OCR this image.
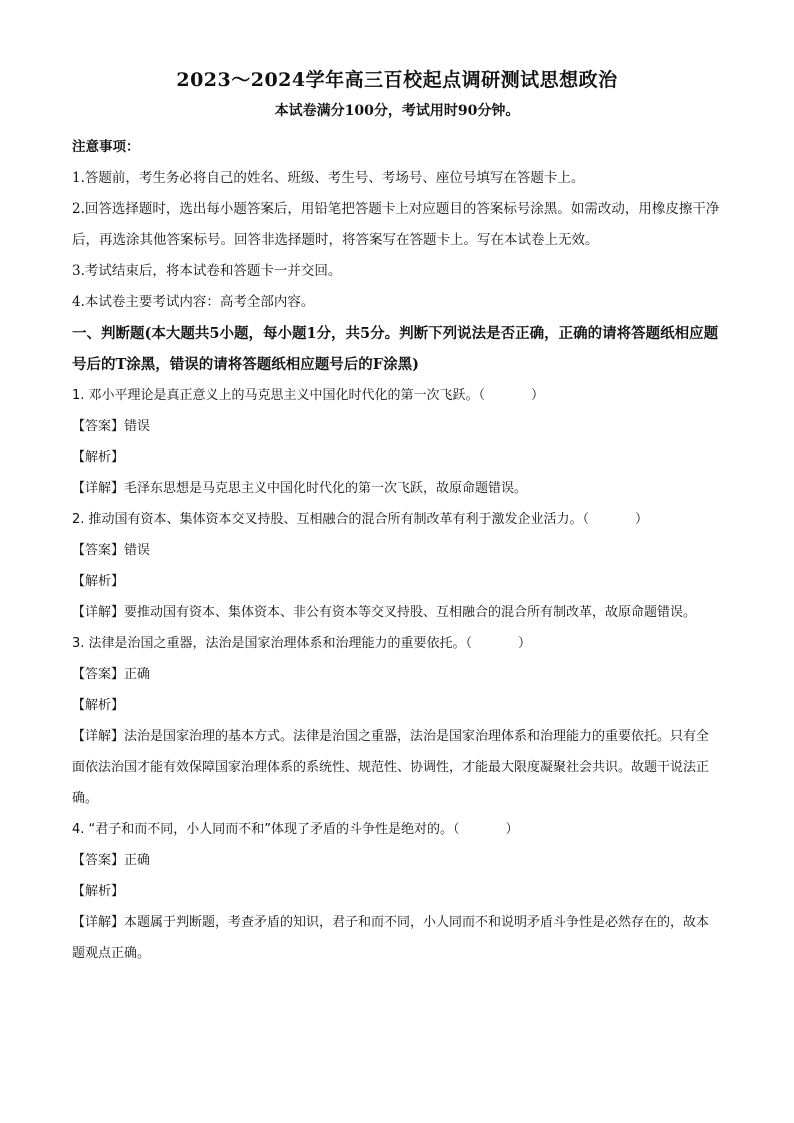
2023～2024学年高三百校起点调研测试思想政治

本试卷满分100分，考试用时90分钟。

注意事项：

1.答题前，考生务必将自己的姓名、班级、考生号、考场号、座位号填写在答题卡上。

2.回答选择题时，选出每小题答案后，用铅笔把答题卡上对应题目的答案标号涂黑。如需改动，用橡皮擦干净后，再选涂其他答案标号。回答非选择题时，将答案写在答题卡上。写在本试卷上无效。

3.考试结束后，将本试卷和答题卡一并交回。

4.本试卷主要考试内容：高考全部内容。

一、判断题(本大题共5小题，每小题1分，共5分。判断下列说法是否正确，正确的请将答题纸相应题号后的T涂黑，错误的请将答题纸相应题号后的F涂黑)

1. 邓小平理论是真正意义上的马克思主义中国化时代化的第一次飞跃。（	）

【答案】错误

【解析】

【详解】毛泽东思想是马克思主义中国化时代化的第一次飞跃，故原命题错误。

2. 推动国有资本、集体资本交叉持股、互相融合的混合所有制改革有利于激发企业活力。（	）

【答案】错误

【解析】

【详解】要推动国有资本、集体资本、非公有资本等交叉持股、互相融合的混合所有制改革，故原命题错误。

3. 法律是治国之重器，法治是国家治理体系和治理能力的重要依托。（	）

【答案】正确

【解析】

【详解】法治是国家治理的基本方式。法律是治国之重器，法治是国家治理体系和治理能力的重要依托。只有全面依法治国才能有效保障国家治理体系的系统性、规范性、协调性，才能最大限度凝聚社会共识。故题干说法正确。

4. “君子和而不同，小人同而不和”体现了矛盾的斗争性是绝对的。（	）

【答案】正确

【解析】

【详解】本题属于判断题，考查矛盾的知识，君子和而不同，小人同而不和说明矛盾斗争性是必然存在的，故本题观点正确。
